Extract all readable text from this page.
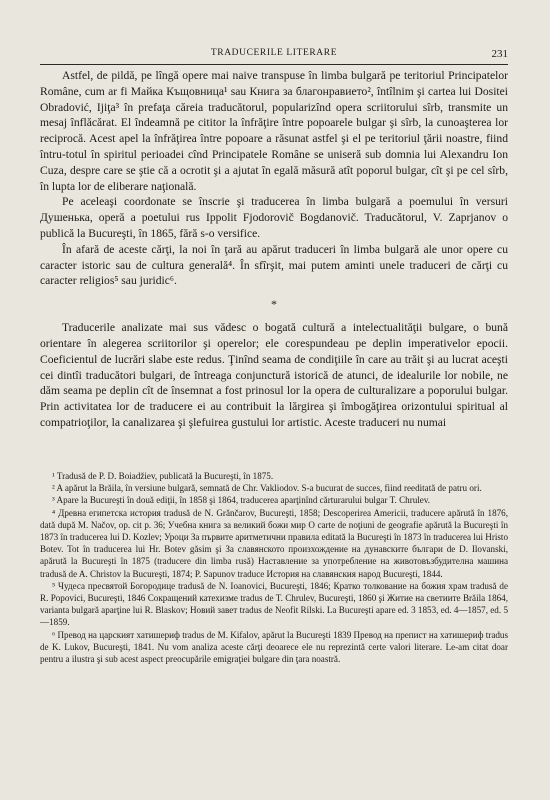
TRADUCERILE LITERARE	231

Astfel, de pildă, pe lîngă opere mai naive transpuse în limba bulgară pe teritoriul Principatelor Române, cum ar fi Майка Къщовница¹ sau Книга за благонравието², întîlnim şi cartea lui Dositei Obradović, Ijiţa³ în prefaţa căreia traducătorul, popularizînd opera scriitorului sîrb, transmite un mesaj înflăcărat. El îndeamnă pe cititor la înfrăţire între popoarele bulgar şi sîrb, la cunoaşterea lor reciprocă. Acest apel la înfrăţirea între popoare a răsunat astfel şi el pe teritoriul ţării noastre, fiind întru-totul în spiritul perioadei cînd Principatele Române se uniseră sub domnia lui Alexandru Ion Cuza, despre care se ştie că a ocrotit şi a ajutat în egală măsură atît poporul bulgar, cît şi pe cel sîrb, în lupta lor de eliberare naţională.

Pe aceleaşi coordonate se înscrie şi traducerea în limba bulgară a poemului în versuri Душенька, operă a poetului rus Ippolit Fjodorovič Bogdanovič. Traducătorul, V. Zaprjanov o publică la Bucureşti, în 1865, fără s-o versifice.

În afară de aceste cărţi, la noi în ţară au apărut traduceri în limba bulgară ale unor opere cu caracter istoric sau de cultura generală⁴. În sfîrşit, mai putem aminti unele traduceri de cărţi cu caracter religios⁵ sau juridic⁶.

*

Traducerile analizate mai sus vădesc o bogată cultură a intelectualităţii bulgare, o bună orientare în alegerea scriitorilor şi operelor; ele corespundeau pe deplin imperativelor epocii. Coeficientul de lucrări slabe este redus. Ţinînd seama de condiţiile în care au trăit şi au lucrat aceşti cei dintîi traducători bulgari, de întreaga conjunctură istorică de atunci, de idealurile lor nobile, ne dăm seama pe deplin cît de însemnat a fost prinosul lor la opera de culturalizare a poporului bulgar. Prin activitatea lor de traducere ei au contribuit la lărgirea şi îmbogăţirea orizontului spiritual al compatrioţilor, la canalizarea şi şlefuirea gustului lor artistic. Aceste traduceri nu numai

¹ Tradusă de P. D. Boiadžiev, publicată la Bucureşti, în 1875.

² A apărut la Brăila, în versiune bulgară, semnată de Chr. Vakliodov. S-a bucurat de succes, fiind reeditată de patru ori.

³ Apare la Bucureşti în două ediţii, în 1858 şi 1864, traducerea aparţinînd cărturarului bulgar T. Chrulev.

⁴ Древна египетска история tradusă de N. Grănčarov, Bucureşti, 1858; Descoperirea Americii, traducere apărută în 1876, dată după M. Načov, op. cit p. 36; Учебна книга за великий божи мир O carte de noţiuni de geografie apărută la Bucureşti în 1873 în traducerea lui D. Kozlev; Уроци За първите аритметични правила editată la Bucureşti în 1873 în traducerea lui Hristo Botev. Tot în traducerea lui Hr. Botev găsim şi За славянското произхождение на дунавските българи de D. Ilovanski, apărută la Bucureşti în 1875 (traducere din limba rusă) Наставление за употребление на животовъзбудителна машина tradusă de A. Christov la Bucureşti, 1874; P. Sapunov traduce История на славянския народ Bucureşti, 1844.

⁵ Чудеса пресвятой Богородице tradusă de N. Ioanovici, Bucureşti, 1846; Кратко толкование на божия храм tradusă de R. Popovici, Bucureşti, 1846 Сокращений катехизме tradus de T. Chrulev, Bucureşti, 1860 şi Житие на светиите Brăila 1864, varianta bulgară aparţine lui R. Blaskov; Новий завет tradus de Neofit Rilski. La Bucureşti apare ed. 3 1853, ed. 4—1857, ed. 5—1859.

⁶ Превод на царският хатишериф tradus de M. Kifalov, apărut la Bucureşti 1839 Превод на препист на хатишериф tradus de K. Lukov, Bucureşti, 1841. Nu vom analiza aceste cărţi deoarece ele nu reprezintă certe valori literare. Le-am citat doar pentru a ilustra şi sub acest aspect preocupările emigraţiei bulgare din ţara noastră.
